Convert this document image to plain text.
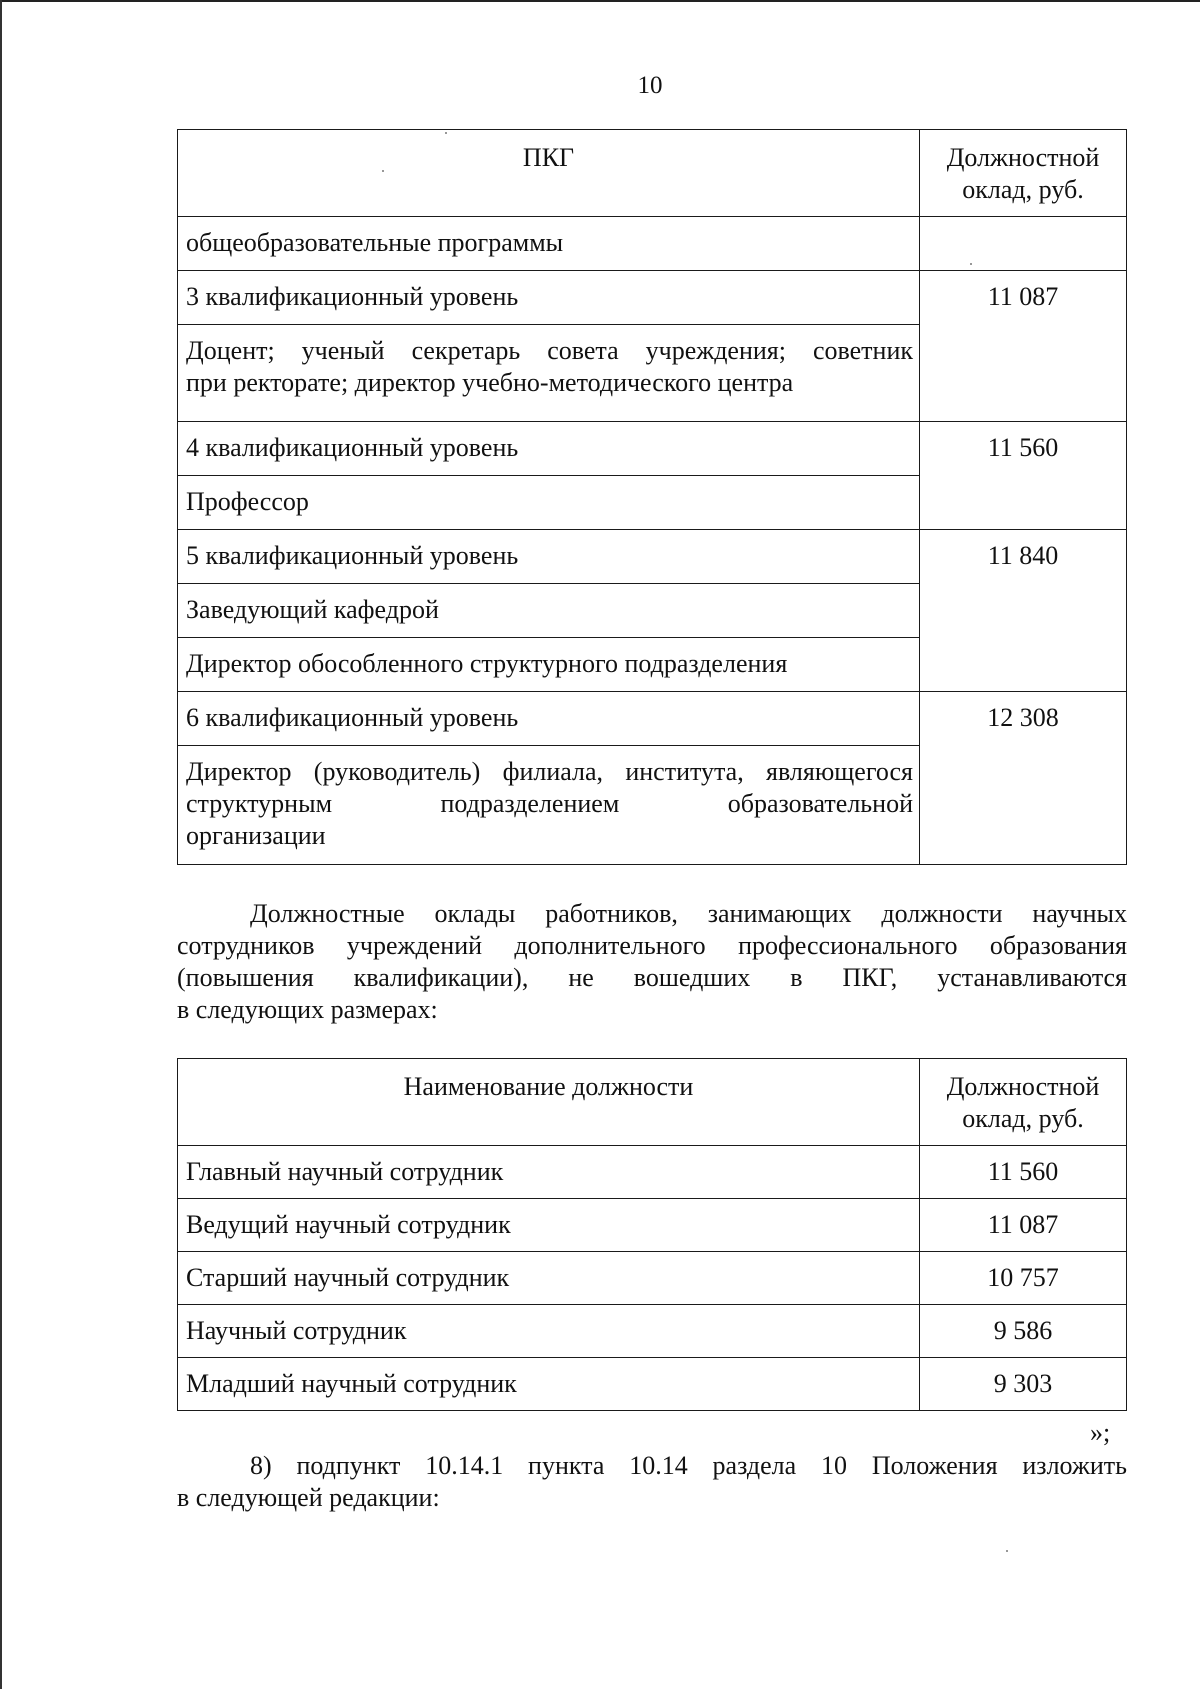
10
ПКГ	Должностной оклад, руб.
общеобразовательные программы	
3 квалификационный уровень	11 087

Доцент; ученый секретарь совета учреждения; советник
при ректорате; директор учебно-методического центра	

4 квалификационный уровень	11 560
Профессор	
5 квалификационный уровень	11 840
Заведующий кафедрой	
Директор обособленного структурного подразделения	
6 квалификационный уровень	12 308

Директор (руководитель) филиала, института, являющегося
структурным подразделением образовательной
организации	
Должностные оклады работников, занимающих должности научных
сотрудников учреждений дополнительного профессионального образования
(повышения квалификации), не вошедших в ПКГ, устанавливаются
в следующих размерах:
Наименование должности	Должностной оклад, руб.
Главный научный сотрудник	11 560
Ведущий научный сотрудник	11 087
Старший научный сотрудник	10 757
Научный сотрудник	9 586
Младший научный сотрудник	9 303
»;
8) подпункт 10.14.1 пункта 10.14 раздела 10 Положения изложить
в следующей редакции:
